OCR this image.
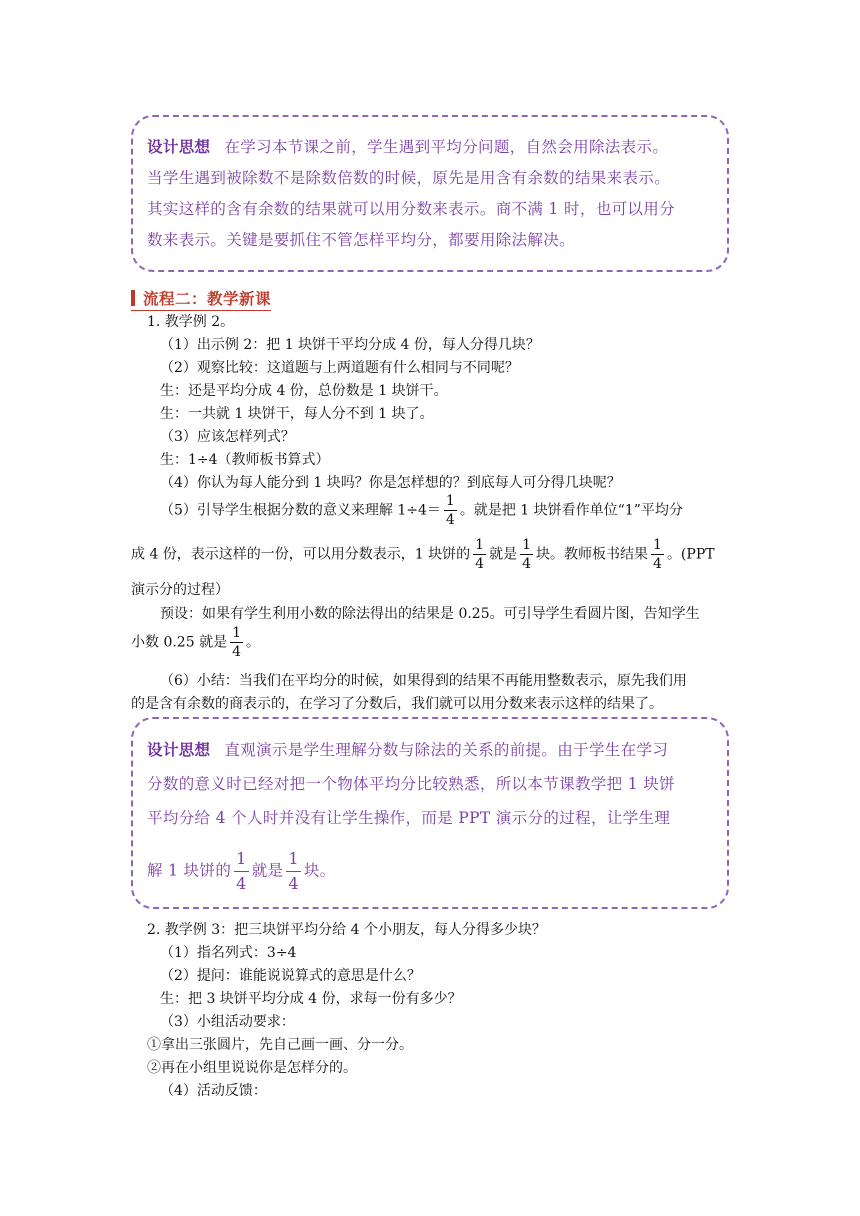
设计思想 在学习本节课之前，学生遇到平均分问题，自然会用除法表示。
当学生遇到被除数不是除数倍数的时候，原先是用含有余数的结果来表示。
其实这样的含有余数的结果就可以用分数来表示。商不满 1 时，也可以用分
数来表示。关键是要抓住不管怎样平均分，都要用除法解决。
流程二：教学新课
1. 教学例 2。
（1）出示例 2：把 1 块饼干平均分成 4 份，每人分得几块？
（2）观察比较：这道题与上两道题有什么相同与不同呢？
生：还是平均分成 4 份，总份数是 1 块饼干。
生：一共就 1 块饼干，每人分不到 1 块了。
（3）应该怎样列式？
生：1÷4（教师板书算式）
（4）你认为每人能分到 1 块吗？你是怎样想的？到底每人可分得几块呢？
（5）引导学生根据分数的意义来理解 $1\div 4= \frac{1}{4}$ 。就是把 1 块饼看作单位“1”平均分
成 4 份，表示这样的一份，可以用分数表示，1 块饼的 $\frac{1}{4}$ 就是 $\frac{1}{4}$ 块。教师板书结果 $\frac{1}{4}$ 。(PPT
演示分的过程）
预设：如果有学生利用小数的除法得出的结果是 0.25。可引导学生看圆片图，告知学生
小数 0.25 就是 $\frac{1}{4}$ 。
（6）小结：当我们在平均分的时候，如果得到的结果不再能用整数表示，原先我们用
的是含有余数的商表示的，在学习了分数后，我们就可以用分数来表示这样的结果了。
设计思想 直观演示是学生理解分数与除法的关系的前提。由于学生在学习
分数的意义时已经对把一个物体平均分比较熟悉，所以本节课教学把 1 块饼
平均分给 4 个人时并没有让学生操作，而是 PPT 演示分的过程，让学生理
解 1 块饼的 $\frac{1}{4}$ 就是 $\frac{1}{4}$ 块。
2. 教学例 3：把三块饼平均分给 4 个小朋友，每人分得多少块？
（1）指名列式：3÷4
（2）提问：谁能说说算式的意思是什么？
生：把 3 块饼平均分成 4 份，求每一份有多少？
（3）小组活动要求：
①拿出三张圆片，先自己画一画、分一分。
②再在小组里说说你是怎样分的。
（4）活动反馈：
